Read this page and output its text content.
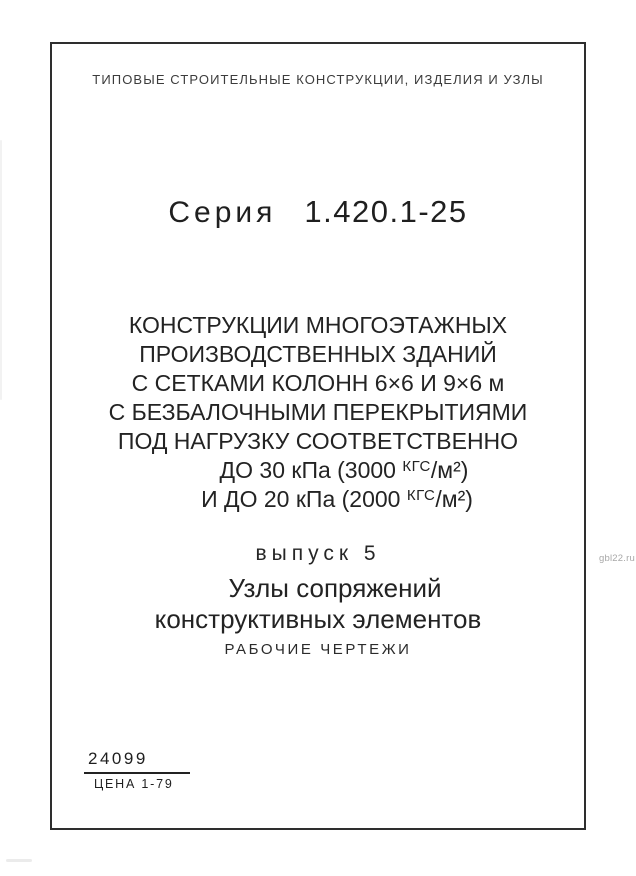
ТИПОВЫЕ СТРОИТЕЛЬНЫЕ КОНСТРУКЦИИ, ИЗДЕЛИЯ И УЗЛЫ
Серия 1.420.1-25
КОНСТРУКЦИИ МНОГОЭТАЖНЫХ
ПРОИЗВОДСТВЕННЫХ ЗДАНИЙ
С СЕТКАМИ КОЛОНН 6×6 И 9×6 м
С БЕЗБАЛОЧНЫМИ ПЕРЕКРЫТИЯМИ
ПОД НАГРУЗКУ СООТВЕТСТВЕННО
ДО 30 кПа (3000 $^{КГС}$/м²)
И ДО 20 кПа (2000 $^{КГС}$/м²)
выпуск 5
Узлы сопряжений
конструктивных элементов
РАБОЧИЕ ЧЕРТЕЖИ
24099
ЦЕНА 1-79
gbl22.ru
